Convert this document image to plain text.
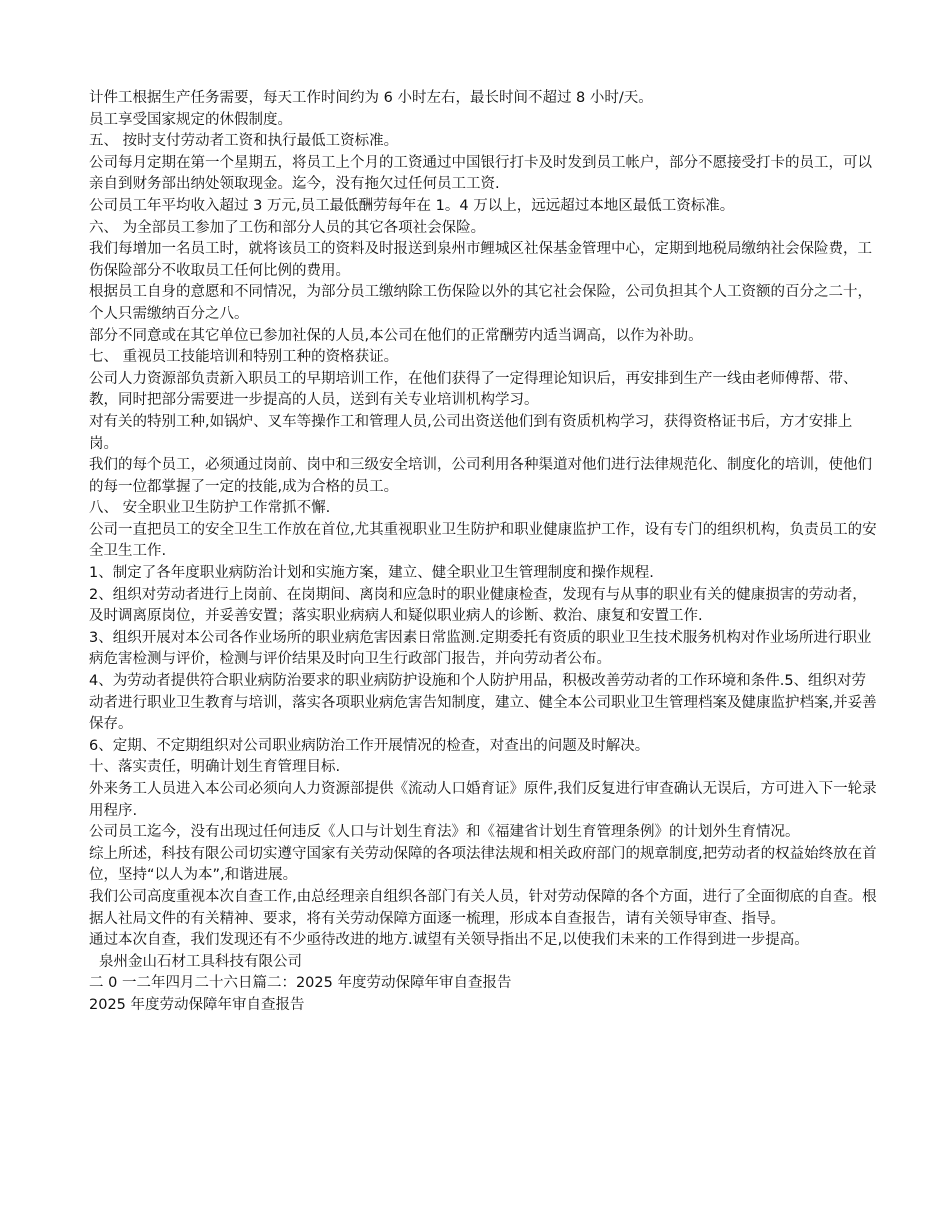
计件工根据生产任务需要，每天工作时间约为 6 小时左右，最长时间不超过 8 小时/天。

员工享受国家规定的休假制度。

五、 按时支付劳动者工资和执行最低工资标准。

公司每月定期在第一个星期五，将员工上个月的工资通过中国银行打卡及时发到员工帐户，部分不愿接受打卡的员工，可以亲自到财务部出纳处领取现金。迄今，没有拖欠过任何员工工资.

公司员工年平均收入超过 3 万元,员工最低酬劳每年在 1。4 万以上，远远超过本地区最低工资标准。

六、 为全部员工参加了工伤和部分人员的其它各项社会保险。

我们每增加一名员工时，就将该员工的资料及时报送到泉州市鲤城区社保基金管理中心，定期到地税局缴纳社会保险费，工伤保险部分不收取员工任何比例的费用。

根据员工自身的意愿和不同情况，为部分员工缴纳除工伤保险以外的其它社会保险，公司负担其个人工资额的百分之二十，个人只需缴纳百分之八。

部分不同意或在其它单位已参加社保的人员,本公司在他们的正常酬劳内适当调高，以作为补助。

七、 重视员工技能培训和特别工种的资格获证。

公司人力资源部负责新入职员工的早期培训工作，在他们获得了一定得理论知识后，再安排到生产一线由老师傅帮、带、教，同时把部分需要进一步提高的人员，送到有关专业培训机构学习。

对有关的特别工种,如锅炉、叉车等操作工和管理人员,公司出资送他们到有资质机构学习，获得资格证书后，方才安排上岗。

我们的每个员工，必须通过岗前、岗中和三级安全培训，公司利用各种渠道对他们进行法律规范化、制度化的培训，使他们的每一位都掌握了一定的技能,成为合格的员工。

八、 安全职业卫生防护工作常抓不懈.

公司一直把员工的安全卫生工作放在首位,尤其重视职业卫生防护和职业健康监护工作，设有专门的组织机构，负责员工的安全卫生工作.

1、制定了各年度职业病防治计划和实施方案，建立、健全职业卫生管理制度和操作规程.

2、组织对劳动者进行上岗前、在岗期间、离岗和应急时的职业健康检查，发现有与从事的职业有关的健康损害的劳动者，及时调离原岗位，并妥善安置；落实职业病病人和疑似职业病人的诊断、救治、康复和安置工作.

3、组织开展对本公司各作业场所的职业病危害因素日常监测.定期委托有资质的职业卫生技术服务机构对作业场所进行职业病危害检测与评价，检测与评价结果及时向卫生行政部门报告，并向劳动者公布。

4、为劳动者提供符合职业病防治要求的职业病防护设施和个人防护用品，积极改善劳动者的工作环境和条件.5、组织对劳动者进行职业卫生教育与培训，落实各项职业病危害告知制度，建立、健全本公司职业卫生管理档案及健康监护档案,并妥善保存。

6、定期、不定期组织对公司职业病防治工作开展情况的检查，对查出的问题及时解决。

十、落实责任，明确计划生育管理目标.

外来务工人员进入本公司必须向人力资源部提供《流动人口婚育证》原件,我们反复进行审查确认无误后，方可进入下一轮录用程序.

公司员工迄今，没有出现过任何违反《人口与计划生育法》和《福建省计划生育管理条例》的计划外生育情况。

综上所述，科技有限公司切实遵守国家有关劳动保障的各项法律法规和相关政府部门的规章制度,把劳动者的权益始终放在首位，坚持“以人为本”,和谐进展。

我们公司高度重视本次自查工作,由总经理亲自组织各部门有关人员，针对劳动保障的各个方面，进行了全面彻底的自查。根据人社局文件的有关精神、要求，将有关劳动保障方面逐一梳理，形成本自查报告，请有关领导审查、指导。

通过本次自查，我们发现还有不少亟待改进的地方.诚望有关领导指出不足,以使我们未来的工作得到进一步提高。

泉州金山石材工具科技有限公司

二 0 一二年四月二十六日篇二：2025 年度劳动保障年审自查报告

2025 年度劳动保障年审自查报告
